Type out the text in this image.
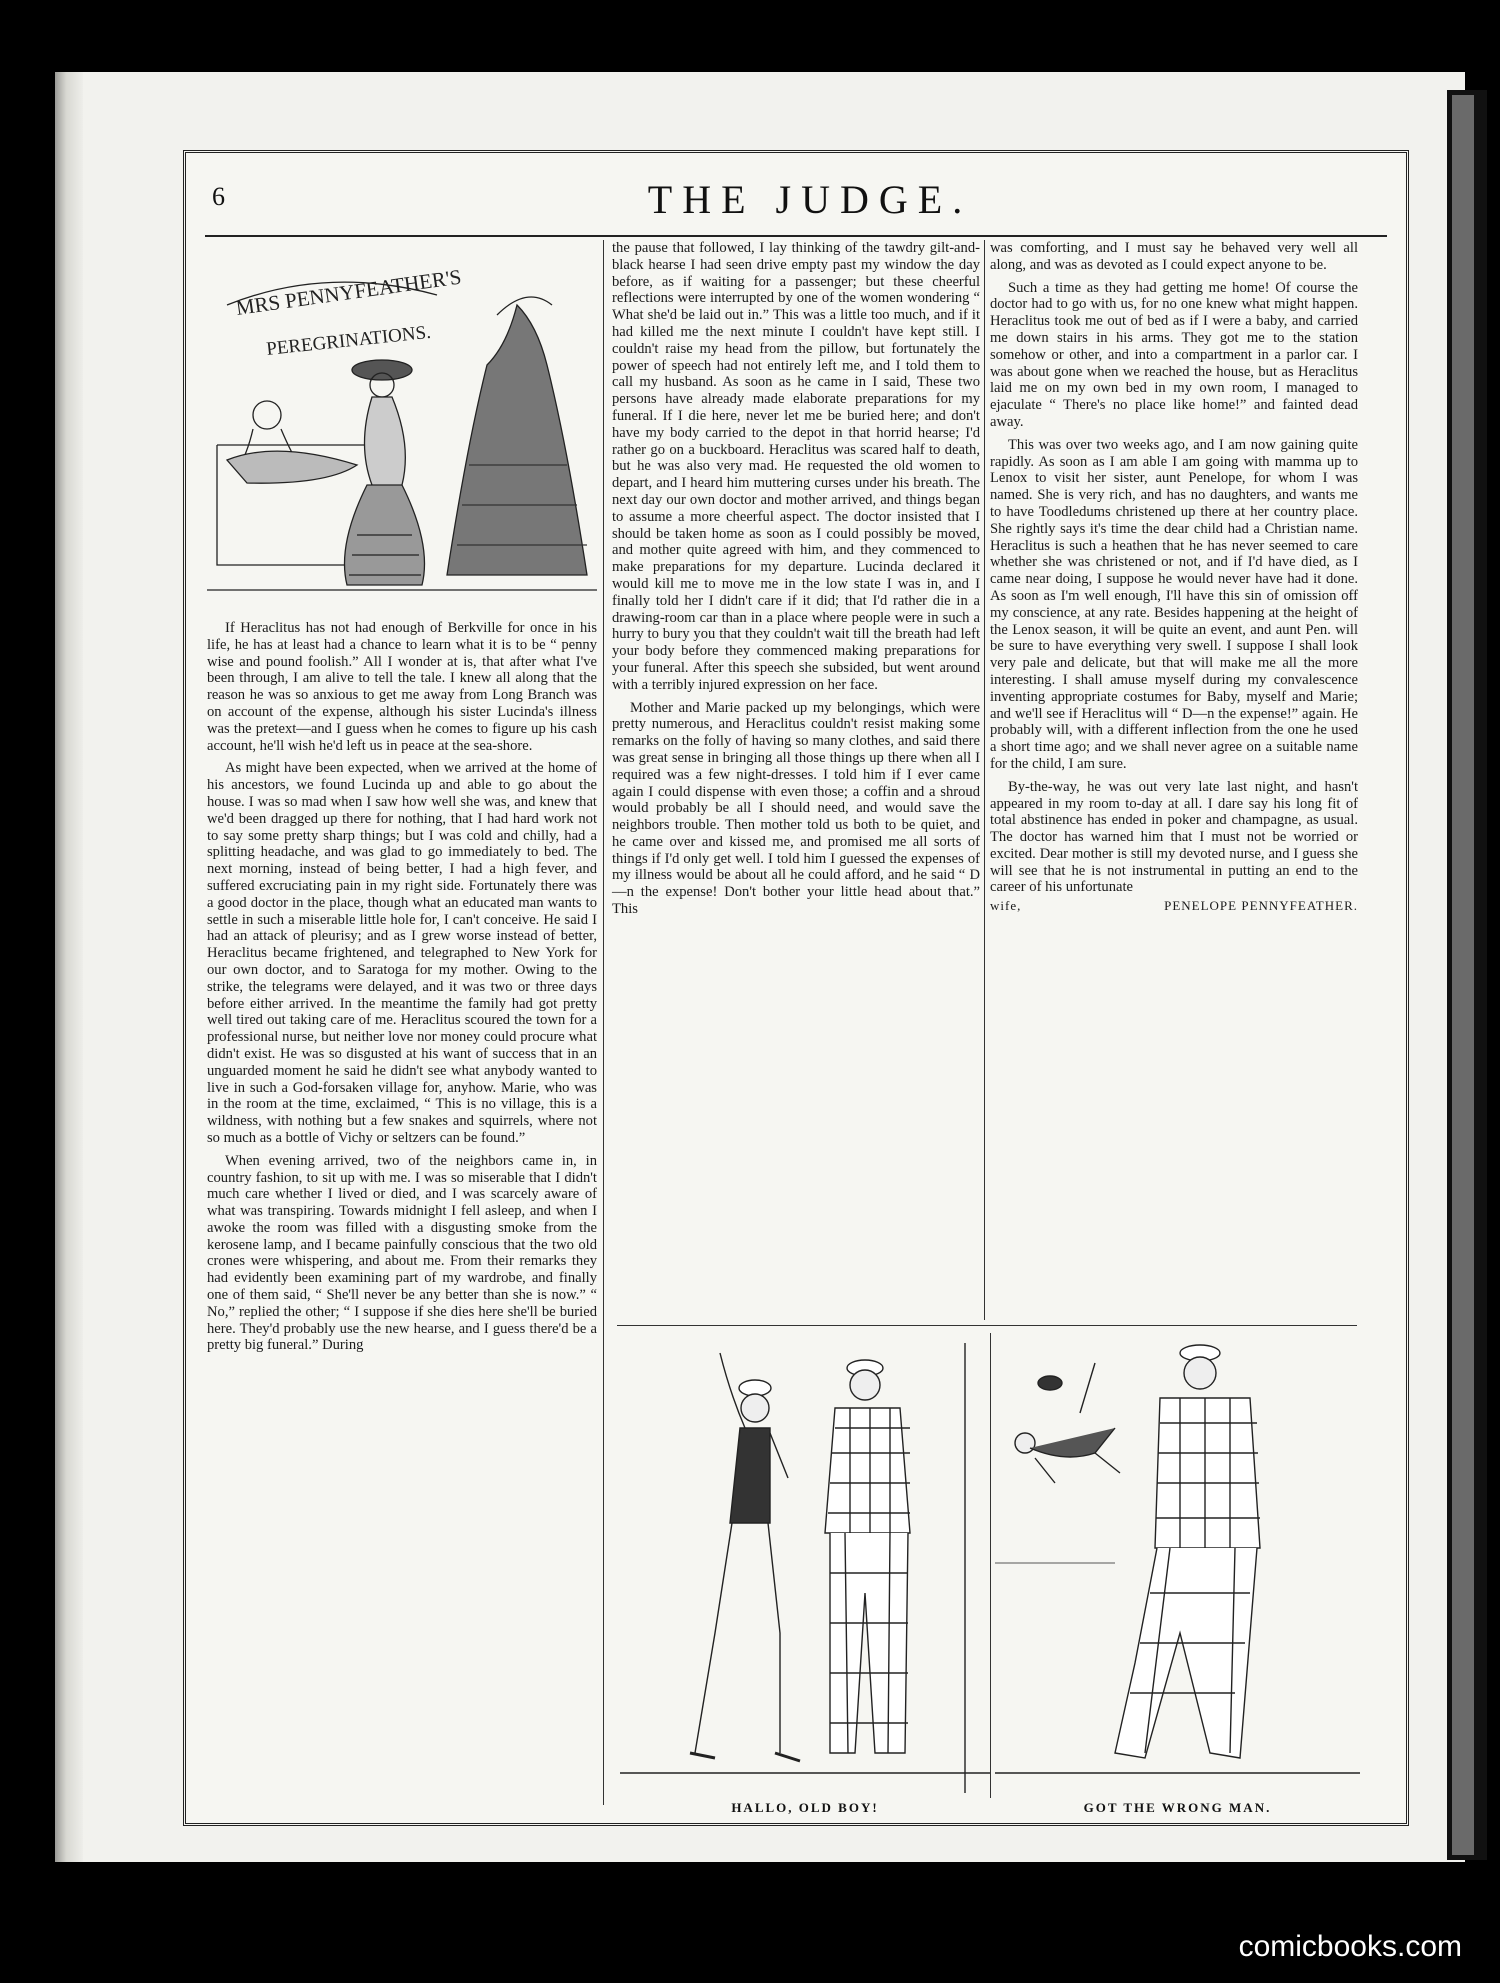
6	THE JUDGE.
MRS PENNYFEATHER'S
PEREGRINATIONS.

If Heraclitus has not had enough of Berkville for once in his life, he has at least had a chance to learn what it is to be “ penny wise and pound foolish.” All I wonder at is, that after what I've been through, I am alive to tell the tale. I knew all along that the reason he was so anxious to get me away from Long Branch was on account of the expense, although his sister Lucinda's illness was the pretext—and I guess when he comes to figure up his cash account, he'll wish he'd left us in peace at the sea-shore.

As might have been expected, when we arrived at the home of his ancestors, we found Lucinda up and able to go about the house. I was so mad when I saw how well she was, and knew that we'd been dragged up there for nothing, that I had hard work not to say some pretty sharp things; but I was cold and chilly, had a splitting headache, and was glad to go immediately to bed. The next morning, instead of being better, I had a high fever, and suffered excruciating pain in my right side. Fortunately there was a good doctor in the place, though what an educated man wants to settle in such a miserable little hole for, I can't conceive. He said I had an attack of pleurisy; and as I grew worse instead of better, Heraclitus became frightened, and telegraphed to New York for our own doctor, and to Saratoga for my mother. Owing to the strike, the telegrams were delayed, and it was two or three days before either arrived. In the meantime the family had got pretty well tired out taking care of me. Heraclitus scoured the town for a professional nurse, but neither love nor money could procure what didn't exist. He was so disgusted at his want of success that in an unguarded moment he said he didn't see what anybody wanted to live in such a God-forsaken village for, anyhow. Marie, who was in the room at the time, exclaimed, “ This is no village, this is a wildness, with nothing but a few snakes and squirrels, where not so much as a bottle of Vichy or seltzers can be found.”

When evening arrived, two of the neighbors came in, in country fashion, to sit up with me. I was so miserable that I didn't much care whether I lived or died, and I was scarcely aware of what was transpiring. Towards midnight I fell asleep, and when I awoke the room was filled with a disgusting smoke from the kerosene lamp, and I became painfully conscious that the two old crones were whispering, and about me. From their remarks they had evidently been examining part of my wardrobe, and finally one of them said, “ She'll never be any better than she is now.” “ No,” replied the other; “ I suppose if she dies here she'll be buried here. They'd probably use the new hearse, and I guess there'd be a pretty big funeral.” During

the pause that followed, I lay thinking of the tawdry gilt-and-black hearse I had seen drive empty past my window the day before, as if waiting for a passenger; but these cheerful reflections were interrupted by one of the women wondering “ What she'd be laid out in.” This was a little too much, and if it had killed me the next minute I couldn't have kept still. I couldn't raise my head from the pillow, but fortunately the power of speech had not entirely left me, and I told them to call my husband. As soon as he came in I said, These two persons have already made elaborate preparations for my funeral. If I die here, never let me be buried here; and don't have my body carried to the depot in that horrid hearse; I'd rather go on a buckboard. Heraclitus was scared half to death, but he was also very mad. He requested the old women to depart, and I heard him muttering curses under his breath. The next day our own doctor and mother arrived, and things began to assume a more cheerful aspect. The doctor insisted that I should be taken home as soon as I could possibly be moved, and mother quite agreed with him, and they commenced to make preparations for my departure. Lucinda declared it would kill me to move me in the low state I was in, and I finally told her I didn't care if it did; that I'd rather die in a drawing-room car than in a place where people were in such a hurry to bury you that they couldn't wait till the breath had left your body before they commenced making preparations for your funeral. After this speech she subsided, but went around with a terribly injured expression on her face.

Mother and Marie packed up my belongings, which were pretty numerous, and Heraclitus couldn't resist making some remarks on the folly of having so many clothes, and said there was great sense in bringing all those things up there when all I required was a few night-dresses. I told him if I ever came again I could dispense with even those; a coffin and a shroud would probably be all I should need, and would save the neighbors trouble. Then mother told us both to be quiet, and he came over and kissed me, and promised me all sorts of things if I'd only get well. I told him I guessed the expenses of my illness would be about all he could afford, and he said “ D—n the expense! Don't bother your little head about that.” This

was comforting, and I must say he behaved very well all along, and was as devoted as I could expect anyone to be.

Such a time as they had getting me home! Of course the doctor had to go with us, for no one knew what might happen. Heraclitus took me out of bed as if I were a baby, and carried me down stairs in his arms. They got me to the station somehow or other, and into a compartment in a parlor car. I was about gone when we reached the house, but as Heraclitus laid me on my own bed in my own room, I managed to ejaculate “ There's no place like home!” and fainted dead away.

This was over two weeks ago, and I am now gaining quite rapidly. As soon as I am able I am going with mamma up to Lenox to visit her sister, aunt Penelope, for whom I was named. She is very rich, and has no daughters, and wants me to have Toodledums christened up there at her country place. She rightly says it's time the dear child had a Christian name. Heraclitus is such a heathen that he has never seemed to care whether she was christened or not, and if I'd have died, as I came near doing, I suppose he would never have had it done. As soon as I'm well enough, I'll have this sin of omission off my conscience, at any rate. Besides happening at the height of the Lenox season, it will be quite an event, and aunt Pen. will be sure to have everything very swell. I suppose I shall look very pale and delicate, but that will make me all the more interesting. I shall amuse myself during my convalescence inventing appropriate costumes for Baby, myself and Marie; and we'll see if Heraclitus will “ D—n the expense!” again. He probably will, with a different inflection from the one he used a short time ago; and we shall never agree on a suitable name for the child, I am sure.

By-the-way, he was out very late last night, and hasn't appeared in my room to-day at all. I dare say his long fit of total abstinence has ended in poker and champagne, as usual. The doctor has warned him that I must not be worried or excited. Dear mother is still my devoted nurse, and I guess she will see that he is not instrumental in putting an end to the career of his unfortunate

wife,	PENELOPE PENNYFEATHER.
HALLO, OLD BOY!	GOT THE WRONG MAN.
comicbooks.com
